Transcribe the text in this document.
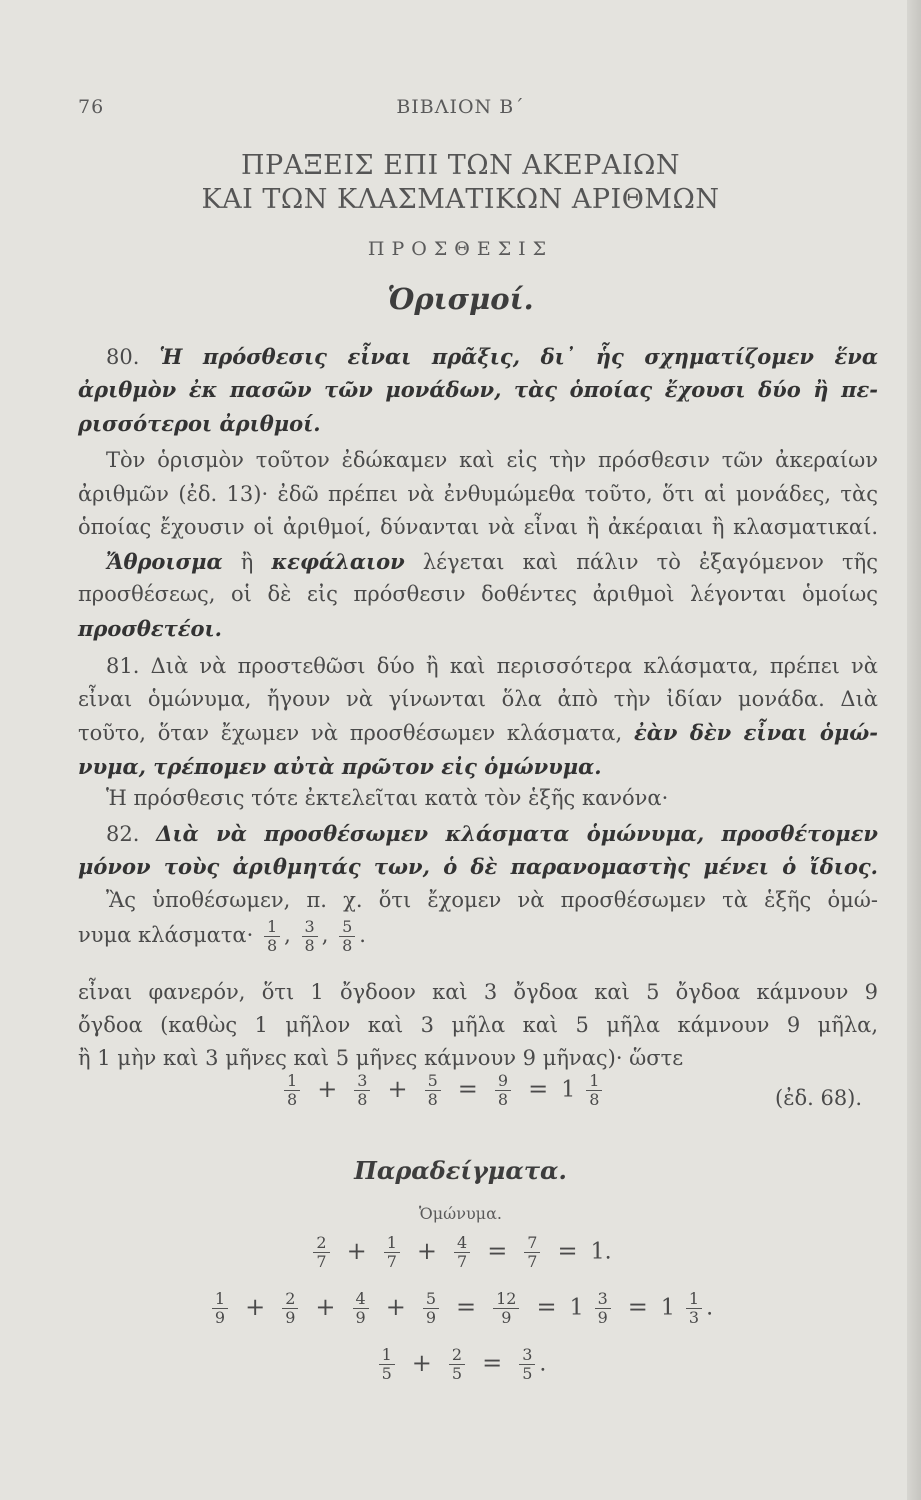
76	ΒΙΒΛΙΟΝ Β΄
ΠΡΑΞΕΙΣ ΕΠΙ ΤΩΝ ΑΚΕΡΑΙΩΝ
ΚΑΙ ΤΩΝ ΚΛΑΣΜΑΤΙΚΩΝ ΑΡΙΘΜΩΝ
ΠΡΟΣΘΕΣΙΣ
Ὁρισμοί.
80. Ἡ πρόσθεσις εἶναι πρᾶξις, δι᾿ ἧς σχηματίζομεν ἕνα
ἀριθμὸν ἐκ πασῶν τῶν μονάδων, τὰς ὁποίας ἔχουσι δύο ἢ πε-
ρισσότεροι ἀριθμοί.
Τὸν ὁρισμὸν τοῦτον ἐδώκαμεν καὶ εἰς τὴν πρόσθεσιν τῶν ἀκεραίων
ἀριθμῶν (ἐδ. 13)· ἐδῶ πρέπει νὰ ἐνθυμώμεθα τοῦτο, ὅτι αἱ μονάδες, τὰς
ὁποίας ἔχουσιν οἱ ἀριθμοί, δύνανται νὰ εἶναι ἢ ἀκέραιαι ἢ κλασματικαί.
Ἄθροισμα ἢ κεφάλαιον λέγεται καὶ πάλιν τὸ ἐξαγόμενον τῆς
προσθέσεως, οἱ δὲ εἰς πρόσθεσιν δοθέντες ἀριθμοὶ λέγονται ὁμοίως
προσθετέοι.
81. Διὰ νὰ προστεθῶσι δύο ἢ καὶ περισσότερα κλάσματα, πρέπει νὰ
εἶναι ὁμώνυμα, ἤγουν νὰ γίνωνται ὅλα ἀπὸ τὴν ἰδίαν μονάδα. Διὰ
τοῦτο, ὅταν ἔχωμεν νὰ προσθέσωμεν κλάσματα, ἐὰν δὲν εἶναι ὁμώ-
νυμα, τρέπομεν αὐτὰ πρῶτον εἰς ὁμώνυμα.
Ἡ πρόσθεσις τότε ἐκτελεῖται κατὰ τὸν ἑξῆς κανόνα·
82. Διὰ νὰ προσθέσωμεν κλάσματα ὁμώνυμα, προσθέτομεν
μόνον τοὺς ἀριθμητάς των, ὁ δὲ παρανομαστὴς μένει ὁ ἴδιος.
Ἂς ὑποθέσωμεν, π. χ. ὅτι ἔχομεν νὰ προσθέσωμεν τὰ ἑξῆς ὁμώ-
νυμα $\kappa\lambda ά\sigma\mu\alpha\tau\alpha\cdot \frac{1}{8}$ , $\frac{3}{8}$ , $\frac{5}{8}$ .
εἶναι φανερόν, ὅτι 1 ὄγδοον καὶ 3 ὄγδοα καὶ 5 ὄγδοα κάμνουν 9
ὄγδοα (καθὼς 1 μῆλον καὶ 3 μῆλα καὶ 5 μῆλα κάμνουν 9 μῆλα,
ἢ 1 μὴν καὶ 3 μῆνες καὶ 5 μῆνες κάμνουν 9 μῆνας)· ὥστε
$\frac{1}{8} + \frac{3}{8} + \frac{5}{8} = \frac{9}{8} = 1 \frac{1}{8}$	(ἐδ. 68).
Παραδείγματα.
Ὁμώνυμα.
$\frac{2}{7} + \frac{1}{7} + \frac{4}{7} = \frac{7}{7} = 1$.
$\frac{1}{9} + \frac{2}{9} + \frac{4}{9} + \frac{5}{9} = \frac{12}{9} = 1 \frac{3}{9} = 1 \frac{1}{3}$ .
$\frac{1}{5} + \frac{2}{5} = \frac{3}{5}$ .
